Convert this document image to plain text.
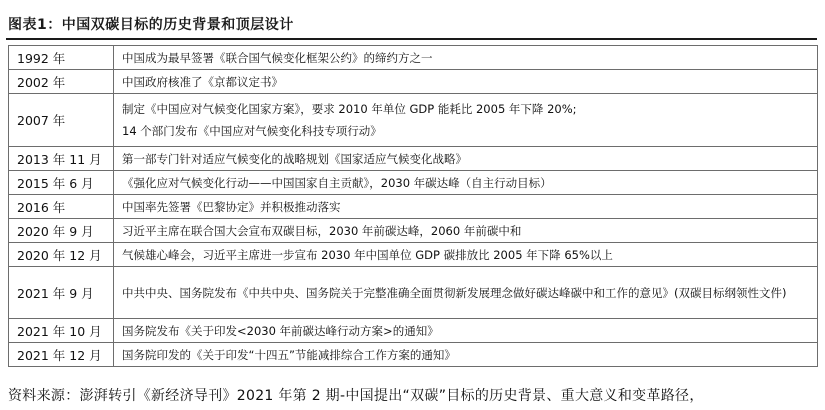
图表1：中国双碳目标的历史背景和顶层设计
1992 年	中国成为最早签署《联合国气候变化框架公约》的缔约方之一

2002 年	中国政府核准了《京都议定书》

2007 年	制定《中国应对气候变化国家方案》，要求 2010 年单位 GDP 能耗比 2005 年下降 20%;
14 个部门发布《中国应对气候变化科技专项行动》

2013 年 11 月	第一部专门针对适应气候变化的战略规划《国家适应气候变化战略》

2015 年 6 月	《强化应对气候变化行动——中国国家自主贡献》，2030 年碳达峰（自主行动目标）

2016 年	中国率先签署《巴黎协定》并积极推动落实

2020 年 9 月	习近平主席在联合国大会宣布双碳目标，2030 年前碳达峰，2060 年前碳中和

2020 年 12 月	气候雄心峰会，习近平主席进一步宣布 2030 年中国单位 GDP 碳排放比 2005 年下降 65%以上

2021 年 9 月	中共中央、国务院发布《中共中央、国务院关于完整准确全面贯彻新发展理念做好碳达峰碳中和工作的意见》(双碳目标纲领性文件)

2021 年 10 月	国务院发布《关于印发<2030 年前碳达峰行动方案>的通知》

2021 年 12 月	国务院印发的《关于印发“十四五”节能减排综合工作方案的通知》
资料来源：澎湃转引《新经济导刊》2021 年第 2 期-中国提出“双碳”目标的历史背景、重大意义和变革路径，
